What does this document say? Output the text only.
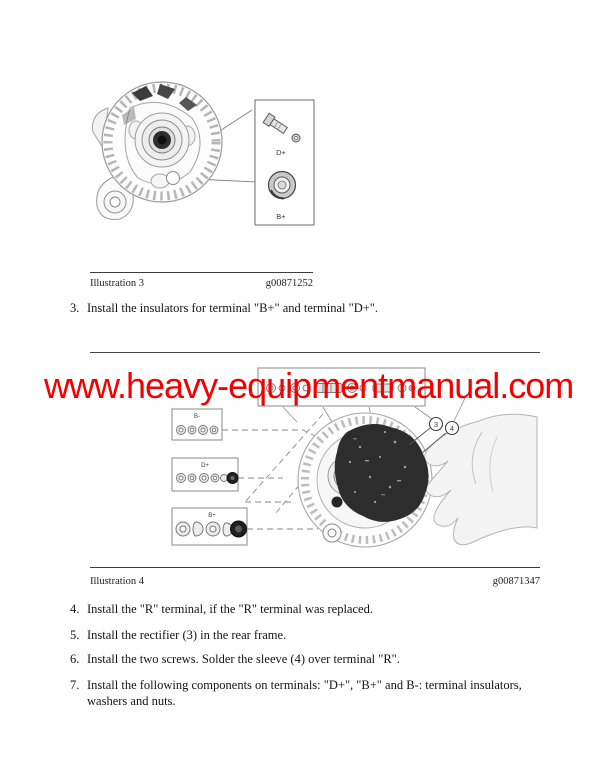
D+
B+
Illustration 3	g00871252
3. Install the insulators for terminal "B+" and terminal "D+".
www.heavy-equipmentmanual.com
B-
D+
B+
3 4
Illustration 4	g00871347
4. Install the "R" terminal, if the "R" terminal was replaced.
5. Install the rectifier (3) in the rear frame.
6. Install the two screws. Solder the sleeve (4) over terminal "R".
7. Install the following components on terminals: "D+", "B+" and B-: terminal insulators, washers and nuts.
